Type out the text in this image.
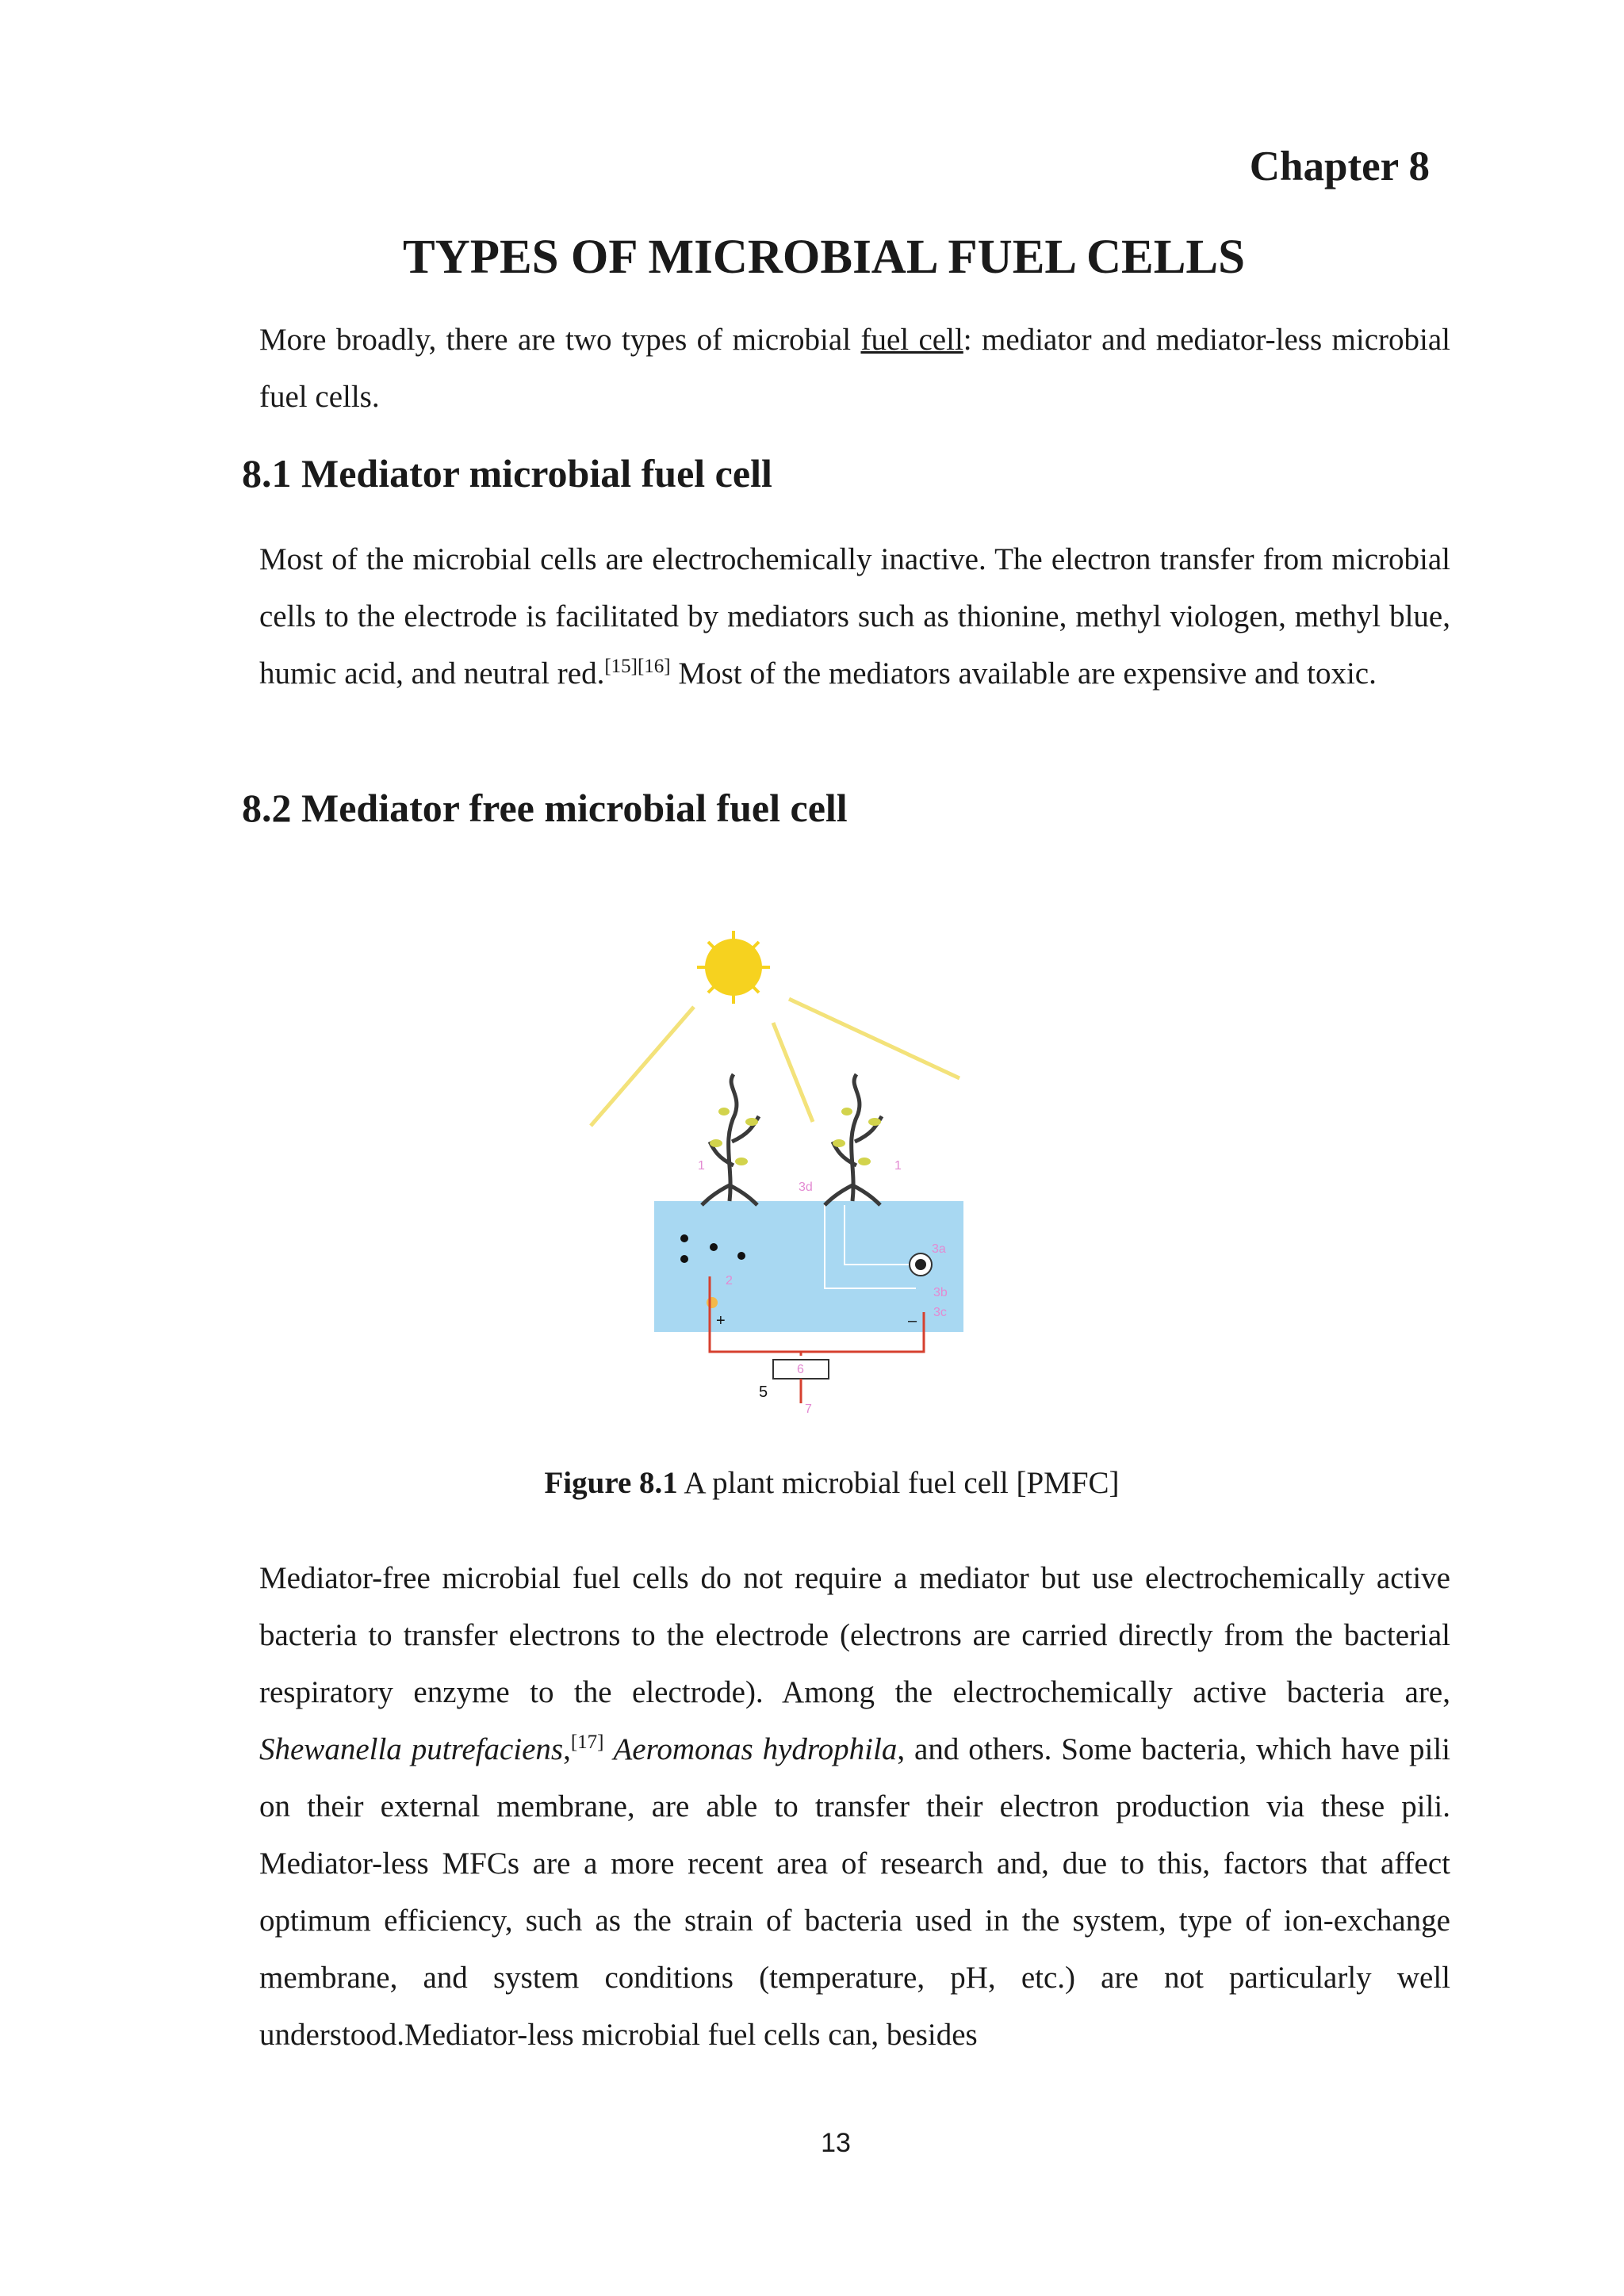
Chapter 8
TYPES OF MICROBIAL FUEL CELLS

More broadly, there are two types of microbial fuel cell: mediator and mediator-less microbial fuel cells.

8.1 Mediator microbial fuel cell

Most of the microbial cells are electrochemically inactive. The electron transfer from microbial cells to the electrode is facilitated by mediators such as thionine, methyl viologen, methyl blue, humic acid, and neutral red.[15][16] Most of the mediators available are expensive and toxic.

8.2 Mediator free microbial fuel cell
1	1
3d
3a
3b
3c
2
6
7
+	–
5

Figure 8.1 A plant microbial fuel cell [PMFC]

Mediator-free microbial fuel cells do not require a mediator but use electrochemically active bacteria to transfer electrons to the electrode (electrons are carried directly from the bacterial respiratory enzyme to the electrode). Among the electrochemically active bacteria are, Shewanella putrefaciens,[17] Aeromonas hydrophila, and others. Some bacteria, which have pili on their external membrane, are able to transfer their electron production via these pili. Mediator-less MFCs are a more recent area of research and, due to this, factors that affect optimum efficiency, such as the strain of bacteria used in the system, type of ion-exchange membrane, and system conditions (temperature, pH, etc.) are not particularly well understood.Mediator-less microbial fuel cells can, besides

13
